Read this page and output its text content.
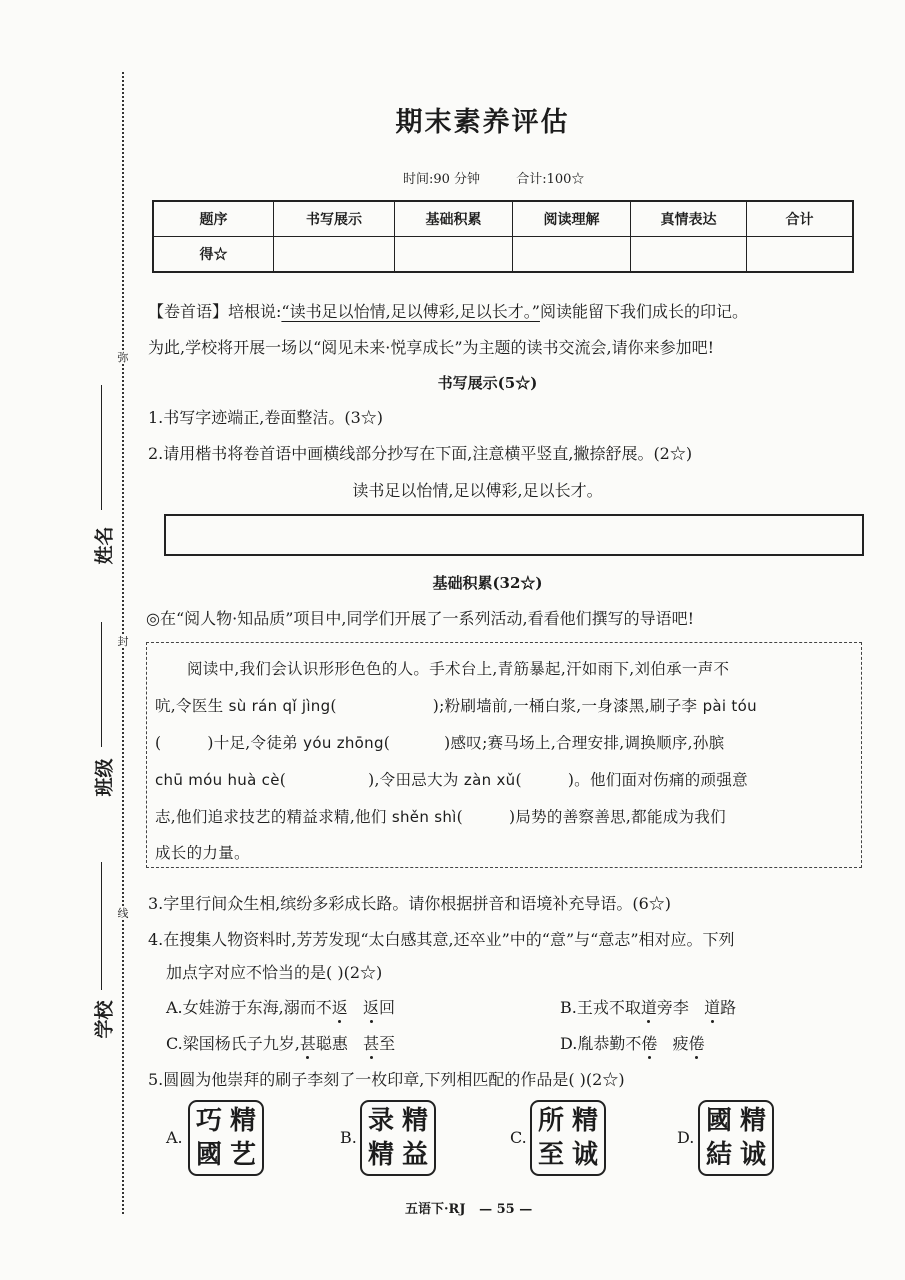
弥
封
线
姓名
班级
学校
期末素养评估
时间:90 分钟	合计:100☆
题序	书写展示	基础积累	阅读理解	真情表达	合计
得☆					
【卷首语】培根说:“读书足以怡情,足以傅彩,足以长才。”阅读能留下我们成长的印记。
为此,学校将开展一场以“阅见未来·悦享成长”为主题的读书交流会,请你来参加吧!
书写展示(5☆)
1.书写字迹端正,卷面整洁。(3☆)
2.请用楷书将卷首语中画横线部分抄写在下面,注意横平竖直,撇捺舒展。(2☆)
读书足以怡情,足以傅彩,足以长才。
基础积累(32☆)
◎在“阅人物·知品质”项目中,同学们开展了一系列活动,看看他们撰写的导语吧!
阅读中,我们会认识形形色色的人。手术台上,青筋暴起,汗如雨下,刘伯承一声不
吭,令医生 sù rán qǐ jìng(	);粉刷墙前,一桶白浆,一身漆黑,刷子李 pài tóu
(	)十足,令徒弟 yóu zhōng(	)感叹;赛马场上,合理安排,调换顺序,孙膑
chū móu huà cè(	),令田忌大为 zàn xǔ(	)。他们面对伤痛的顽强意
志,他们追求技艺的精益求精,他们 shěn shì(	)局势的善察善思,都能成为我们
成长的力量。
3.字里行间众生相,缤纷多彩成长路。请你根据拼音和语境补充导语。(6☆)
4.在搜集人物资料时,芳芳发现“太白感其意,还卒业”中的“意”与“意志”相对应。下列
加点字对应不恰当的是( )(2☆)
A.女娃游于东海,溺而不返 返回	B.王戎不取道旁李 道路
C.梁国杨氏子九岁,甚聪惠 甚至	D.胤恭勤不倦 疲倦
5.圆圆为他崇拜的刷子李刻了一枚印章,下列相匹配的作品是( )(2☆)
A.
精
巧
國 艺
B.
精
录
益
精
C.
精
所
诚
至
D.
精
國
诚
結
五语下·RJ — 55 —
